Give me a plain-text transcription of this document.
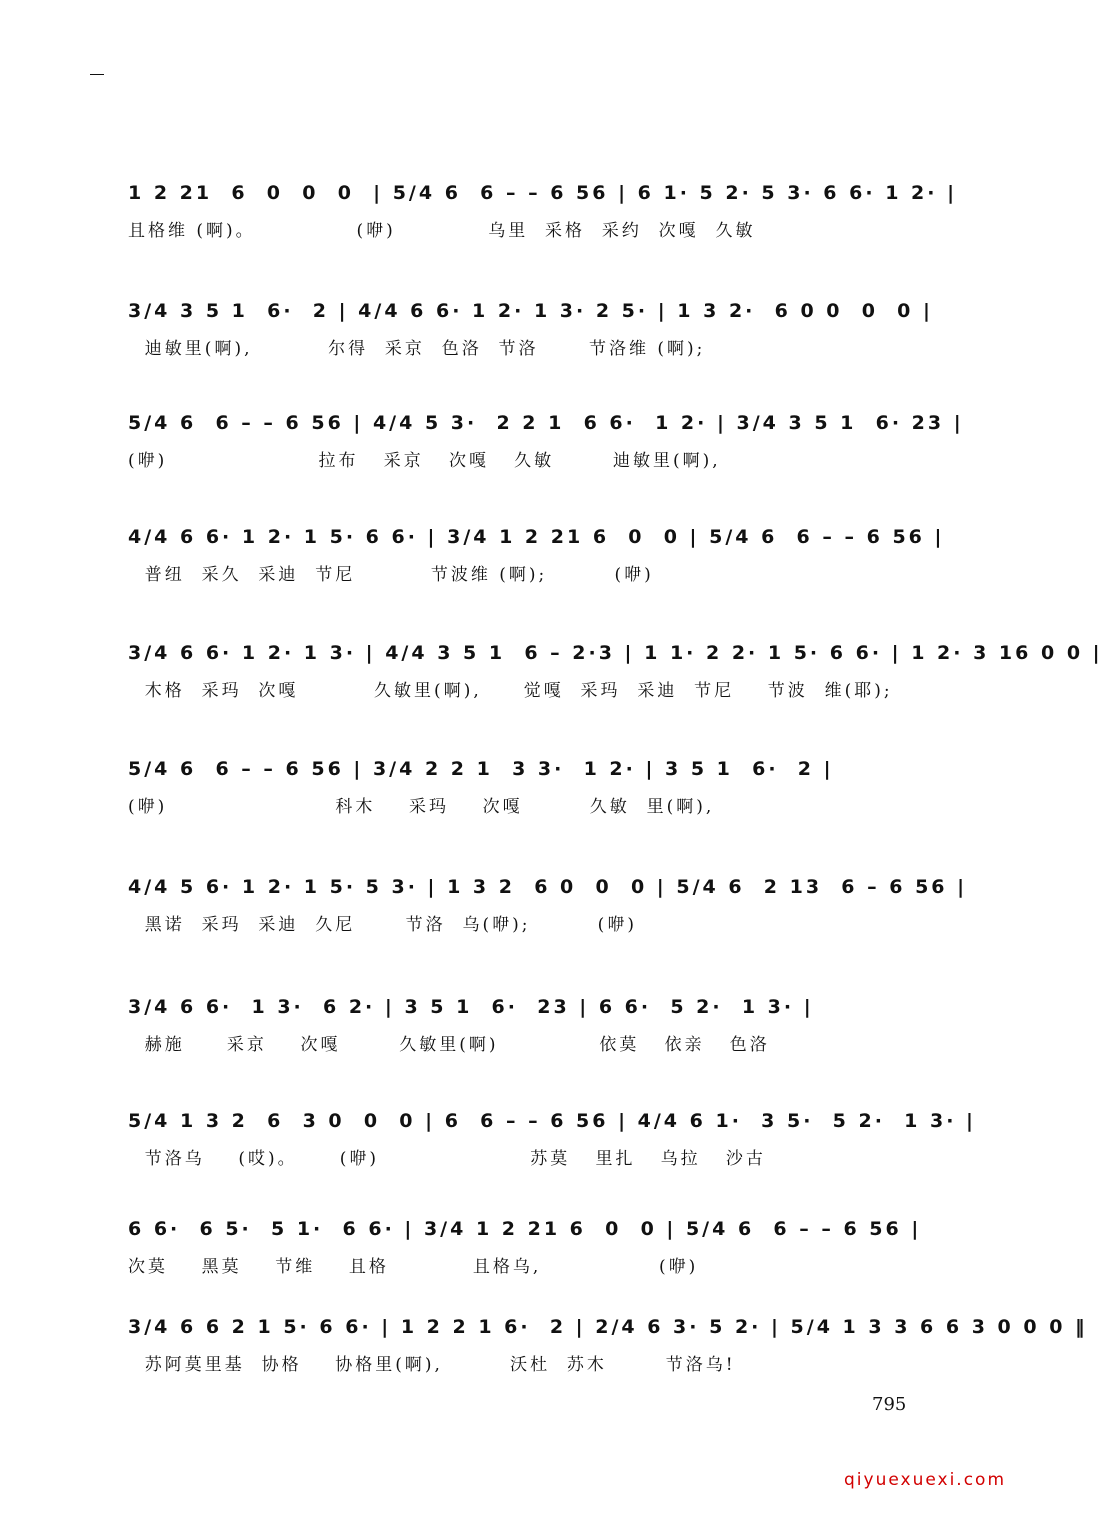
1 2 21  6  0  0  0  | 5/4 6  6 – – 6 56 | 6 1· 5 2· 5 3· 6 6· 1 2· |
且格维 (啊)。            (咿)           乌里  采格  采约  次嘎  久敏
3/4 3 5 1  6·  2 | 4/4 6 6· 1 2· 1 3· 2 5· | 1 3 2·  6 0 0  0  0 |
迪敏里(啊),         尔得  采京  色洛  节洛      节洛维 (啊);
5/4 6  6 – – 6 56 | 4/4 5 3·  2 2 1  6 6·  1 2· | 3/4 3 5 1  6· 23 |
(咿)                  拉布   采京   次嘎   久敏       迪敏里(啊),
4/4 6 6· 1 2· 1 5· 6 6· | 3/4 1 2 21 6  0  0 | 5/4 6  6 – – 6 56 |
普纽  采久  采迪  节尼         节波维 (啊);        (咿)
3/4 6 6· 1 2· 1 3· | 4/4 3 5 1  6 – 2·3 | 1 1· 2 2· 1 5· 6 6· | 1 2· 3 16 0 0 |
木格  采玛  次嘎         久敏里(啊),     觉嘎  采玛  采迪  节尼    节波  维(耶);
5/4 6  6 – – 6 56 | 3/4 2 2 1  3 3·  1 2· | 3 5 1  6·  2 |
(咿)                    科木    采玛    次嘎        久敏  里(啊),
4/4 5 6· 1 2· 1 5· 5 3· | 1 3 2  6 0  0  0 | 5/4 6  2 13  6 – 6 56 |
黑诺  采玛  采迪  久尼      节洛  乌(咿);        (咿)
3/4 6 6·  1 3·  6 2· | 3 5 1  6·  23 | 6 6·  5 2·  1 3· |
赫施     采京    次嘎       久敏里(啊)            依莫   依亲   色洛
5/4 1 3 2  6  3 0  0  0 | 6  6 – – 6 56 | 4/4 6 1·  3 5·  5 2·  1 3· |
节洛乌    (哎)。     (咿)                  苏莫   里扎   乌拉   沙古
6 6·  6 5·  5 1·  6 6· | 3/4 1 2 21 6  0  0 | 5/4 6  6 – – 6 56 |
次莫    黑莫    节维    且格          且格乌,              (咿)
3/4 6 6 2 1 5· 6 6· | 1 2 2 1 6·  2 | 2/4 6 3· 5 2· | 5/4 1 3 3 6 6 3 0 0 0 ‖
苏阿莫里基  协格    协格里(啊),        沃杜  苏木       节洛乌!
795
qiyuexuexi.com
